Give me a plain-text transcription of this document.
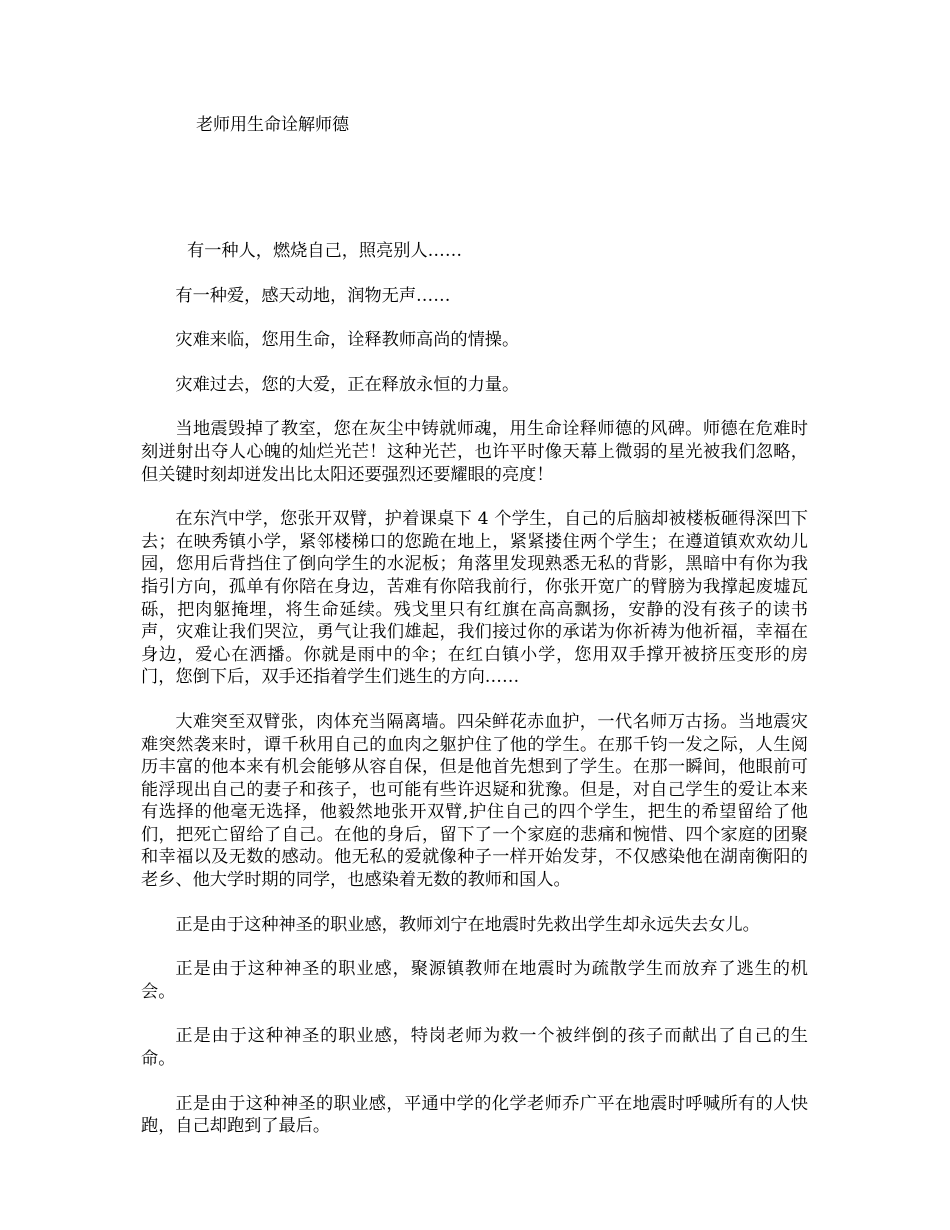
老师用生命诠解师德

有一种人，燃烧自己，照亮别人……

有一种爱，感天动地，润物无声……

灾难来临，您用生命，诠释教师高尚的情操。

灾难过去，您的大爱，正在释放永恒的力量。

当地震毁掉了教室，您在灰尘中铸就师魂，用生命诠释师德的风碑。师德在危难时刻迸射出夺人心魄的灿烂光芒！这种光芒，也许平时像天幕上微弱的星光被我们忽略，但关键时刻却迸发出比太阳还要强烈还要耀眼的亮度！

在东汽中学，您张开双臂，护着课桌下 4 个学生，自己的后脑却被楼板砸得深凹下去；在映秀镇小学，紧邻楼梯口的您跪在地上，紧紧搂住两个学生；在遵道镇欢欢幼儿园，您用后背挡住了倒向学生的水泥板；角落里发现熟悉无私的背影，黑暗中有你为我指引方向，孤单有你陪在身边，苦难有你陪我前行，你张开宽广的臂膀为我撑起废墟瓦砾，把肉躯掩埋，将生命延续。残戈里只有红旗在高高飘扬，安静的没有孩子的读书声，灾难让我们哭泣，勇气让我们雄起，我们接过你的承诺为你祈祷为他祈福，幸福在身边，爱心在洒播。你就是雨中的伞；在红白镇小学，您用双手撑开被挤压变形的房门，您倒下后，双手还指着学生们逃生的方向……

大难突至双臂张，肉体充当隔离墙。四朵鲜花赤血护，一代名师万古扬。当地震灾难突然袭来时，谭千秋用自己的血肉之躯护住了他的学生。在那千钧一发之际，人生阅历丰富的他本来有机会能够从容自保，但是他首先想到了学生。在那一瞬间，他眼前可能浮现出自己的妻子和孩子，也可能有些许迟疑和犹豫。但是，对自己学生的爱让本来有选择的他毫无选择，他毅然地张开双臂,护住自己的四个学生，把生的希望留给了他们，把死亡留给了自己。在他的身后，留下了一个家庭的悲痛和惋惜、四个家庭的团聚和幸福以及无数的感动。他无私的爱就像种子一样开始发芽，不仅感染他在湖南衡阳的老乡、他大学时期的同学，也感染着无数的教师和国人。

正是由于这种神圣的职业感，教师刘宁在地震时先救出学生却永远失去女儿。

正是由于这种神圣的职业感，聚源镇教师在地震时为疏散学生而放弃了逃生的机会。

正是由于这种神圣的职业感，特岗老师为救一个被绊倒的孩子而献出了自己的生命。

正是由于这种神圣的职业感，平通中学的化学老师乔广平在地震时呼喊所有的人快跑，自己却跑到了最后。
